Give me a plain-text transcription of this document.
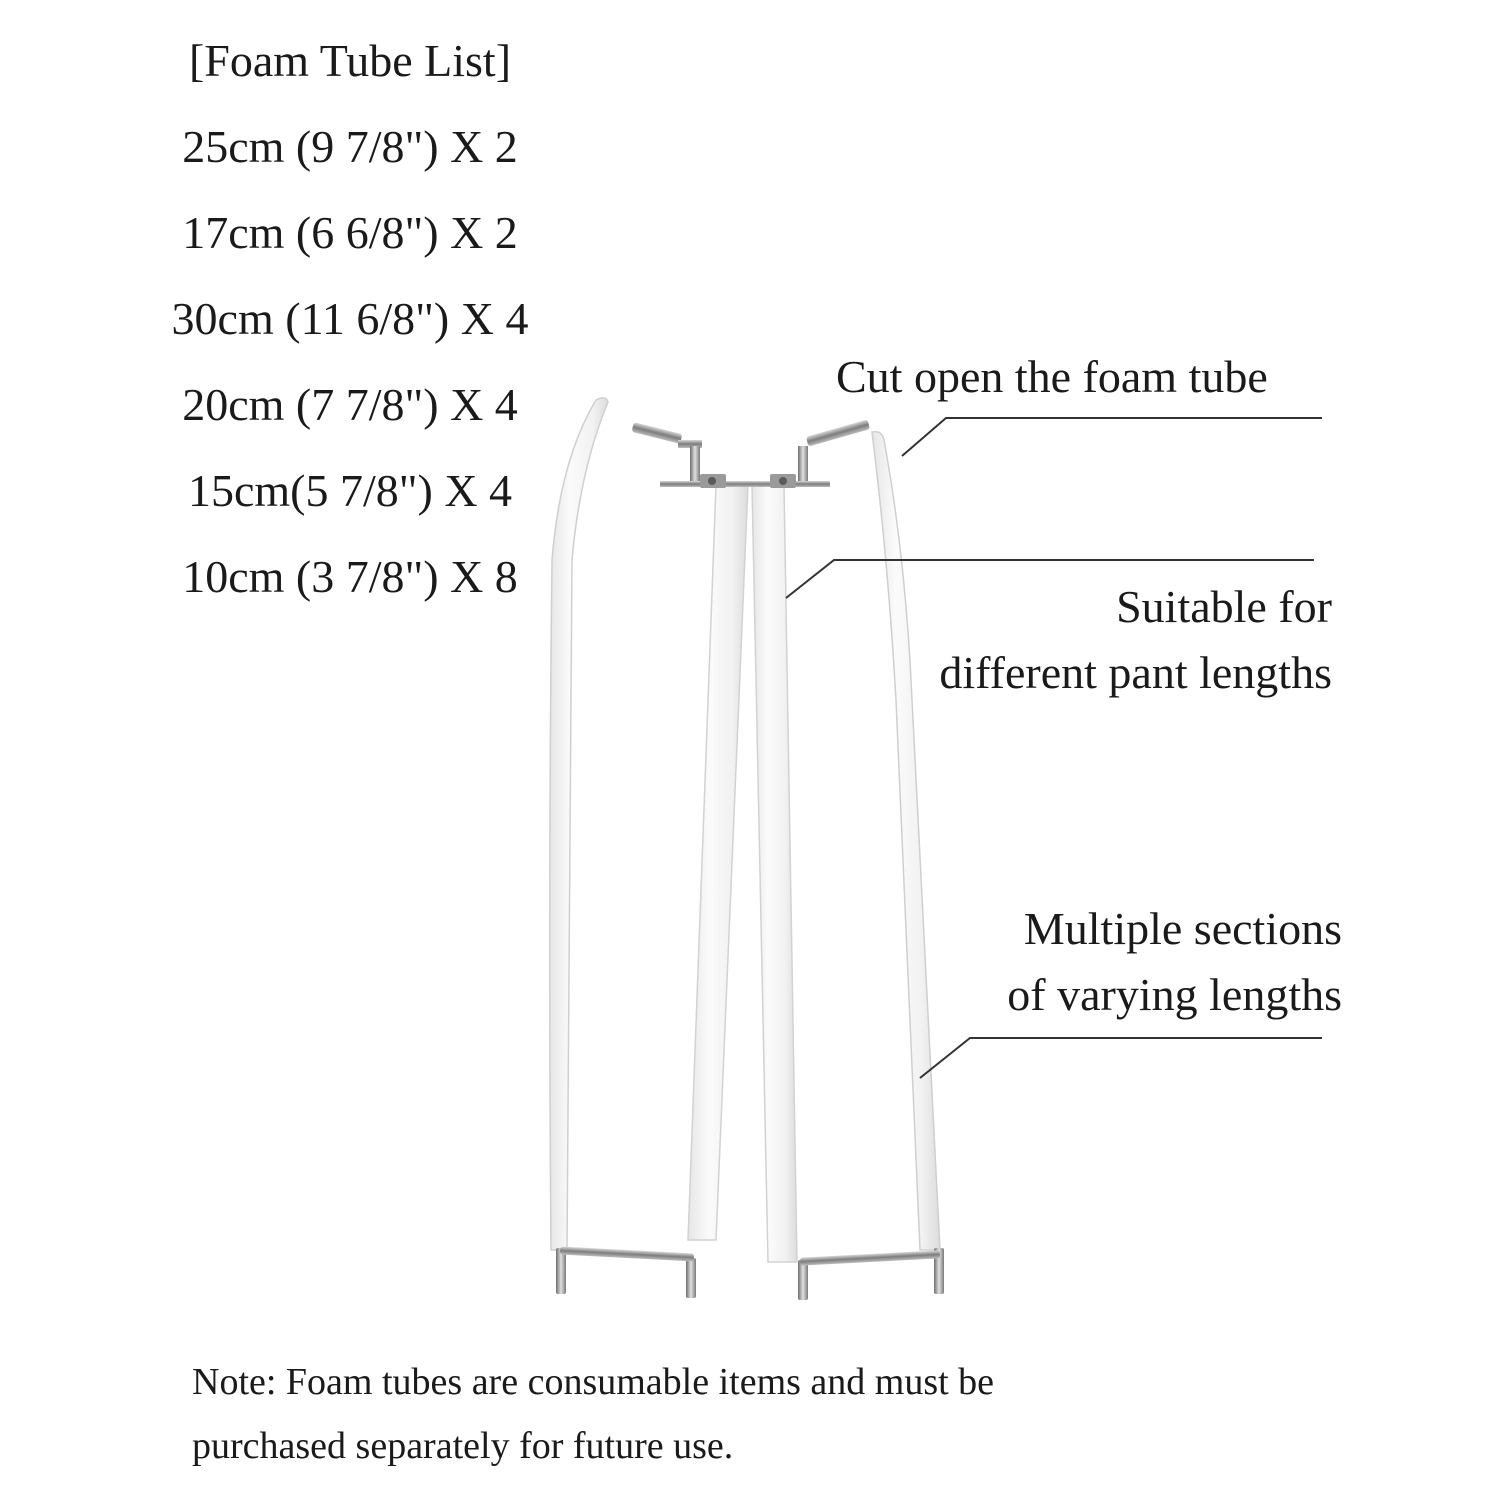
[Foam Tube List]
25cm (9 7/8") X 2
17cm (6 6/8") X 2
30cm (11 6/8") X 4
20cm (7 7/8") X 4
15cm(5 7/8") X 4
10cm (3 7/8") X 8
Cut open the foam tube
Suitable for
different pant lengths
Multiple sections
of varying lengths
Note: Foam tubes are consumable items and must be
purchased separately for future use.
